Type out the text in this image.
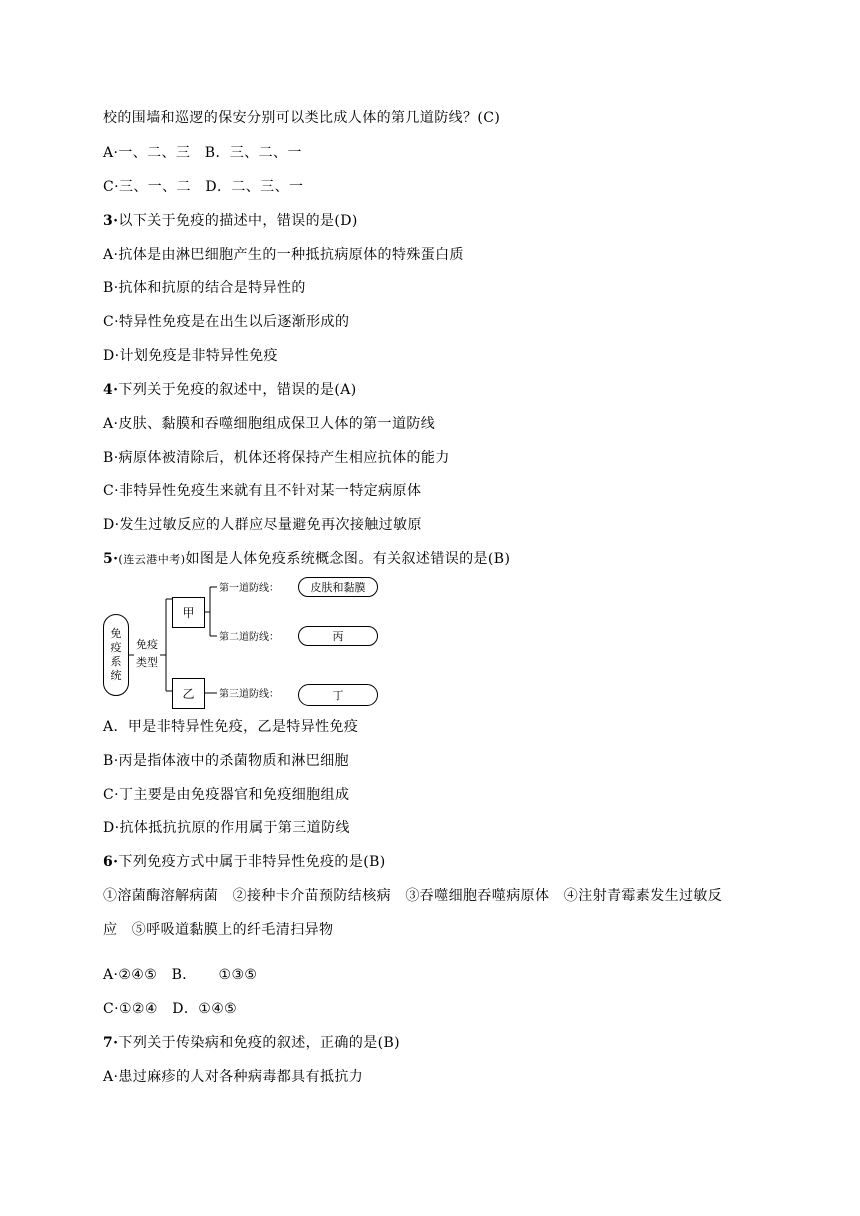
校的围墙和巡逻的保安分别可以类比成人体的第几道防线？(C)
A·一、二、三　B．三、二、一
C·三、一、二　D．二、三、一
3·以下关于免疫的描述中，错误的是(D)
A·抗体是由淋巴细胞产生的一种抵抗病原体的特殊蛋白质
B·抗体和抗原的结合是特异性的
C·特异性免疫是在出生以后逐渐形成的
D·计划免疫是非特异性免疫
4·下列关于免疫的叙述中，错误的是(A)
A·皮肤、黏膜和吞噬细胞组成保卫人体的第一道防线
B·病原体被清除后，机体还将保持产生相应抗体的能力
C·非特异性免疫生来就有且不针对某一特定病原体
D·发生过敏反应的人群应尽量避免再次接触过敏原
5·(连云港中考)如图是人体免疫系统概念图。有关叙述错误的是(B)
免
疫
系
统
免疫
类型
甲
乙
第一道防线：
第二道防线：
第三道防线：
皮肤和黏膜
丙
丁
A．甲是非特异性免疫，乙是特异性免疫
B·丙是指体液中的杀菌物质和淋巴细胞
C·丁主要是由免疫器官和免疫细胞组成
D·抗体抵抗抗原的作用属于第三道防线
6·下列免疫方式中属于非特异性免疫的是(B)
①溶菌酶溶解病菌　②接种卡介苗预防结核病　③吞噬细胞吞噬病原体　④注射青霉素发生过敏反
应　⑤呼吸道黏膜上的纤毛清扫异物
A·②④⑤　B．　　①③⑤
C·①②④　D．①④⑤
7·下列关于传染病和免疫的叙述，正确的是(B)
A·患过麻疹的人对各种病毒都具有抵抗力
